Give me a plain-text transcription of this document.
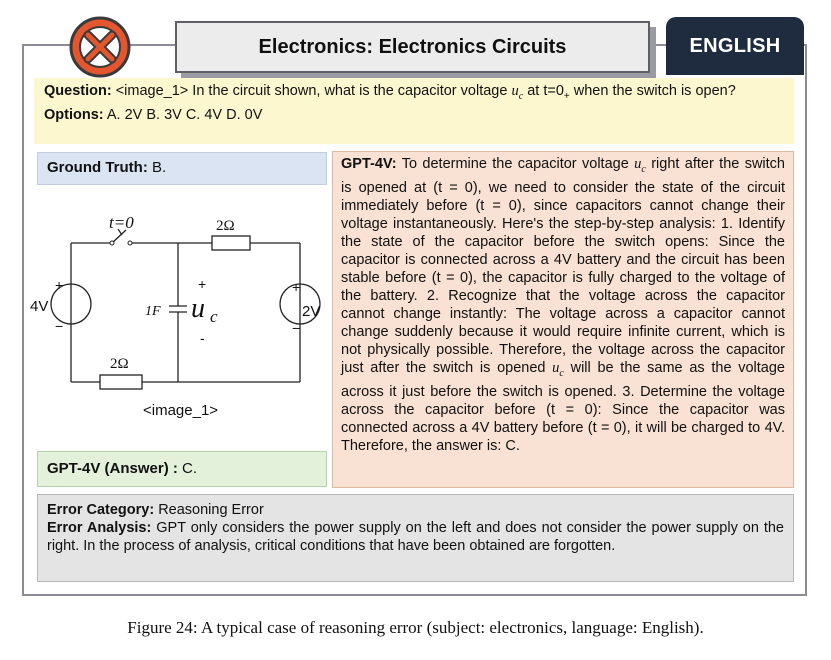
Electronics: Electronics Circuits	ENGLISH
Question: <image_1> In the circuit shown, what is the capacitor voltage $u_c$ at $t=0_+$ when the switch is open?
Options: A. 2V B. 3V C. 4V D. 0V
Ground Truth: B.
t=0	2Ω
2Ω
1F u c
4V	2V
+
−
+
−
+
-
<image_1>
GPT-4V (Answer) : C.
GPT-4V: To determine the capacitor voltage $u_c$ right after the switch is opened at (t = 0), we need to consider the state of the circuit immediately before (t = 0), since capacitors cannot change their voltage instantaneously. Here's the step-by-step analysis: 1. Identify the state of the capacitor before the switch opens: Since the capacitor is connected across a 4V battery and the circuit has been stable before (t = 0), the capacitor is fully charged to the voltage of the battery. 2. Recognize that the voltage across the capacitor cannot change instantly: The voltage across a capacitor cannot change suddenly because it would require infinite current, which is not physically possible. Therefore, the voltage across the capacitor just after the switch is opened $u_c$ will be the same as the voltage across it just before the switch is opened. 3. Determine the voltage across the capacitor before (t = 0): Since the capacitor was connected across a 4V battery before (t = 0), it will be charged to 4V. Therefore, the answer is: C.
Error Category: Reasoning Error
Error Analysis: GPT only considers the power supply on the left and does not consider the power supply on the right. In the process of analysis, critical conditions that have been obtained are forgotten.
Figure 24: A typical case of reasoning error (subject: electronics, language: English).
